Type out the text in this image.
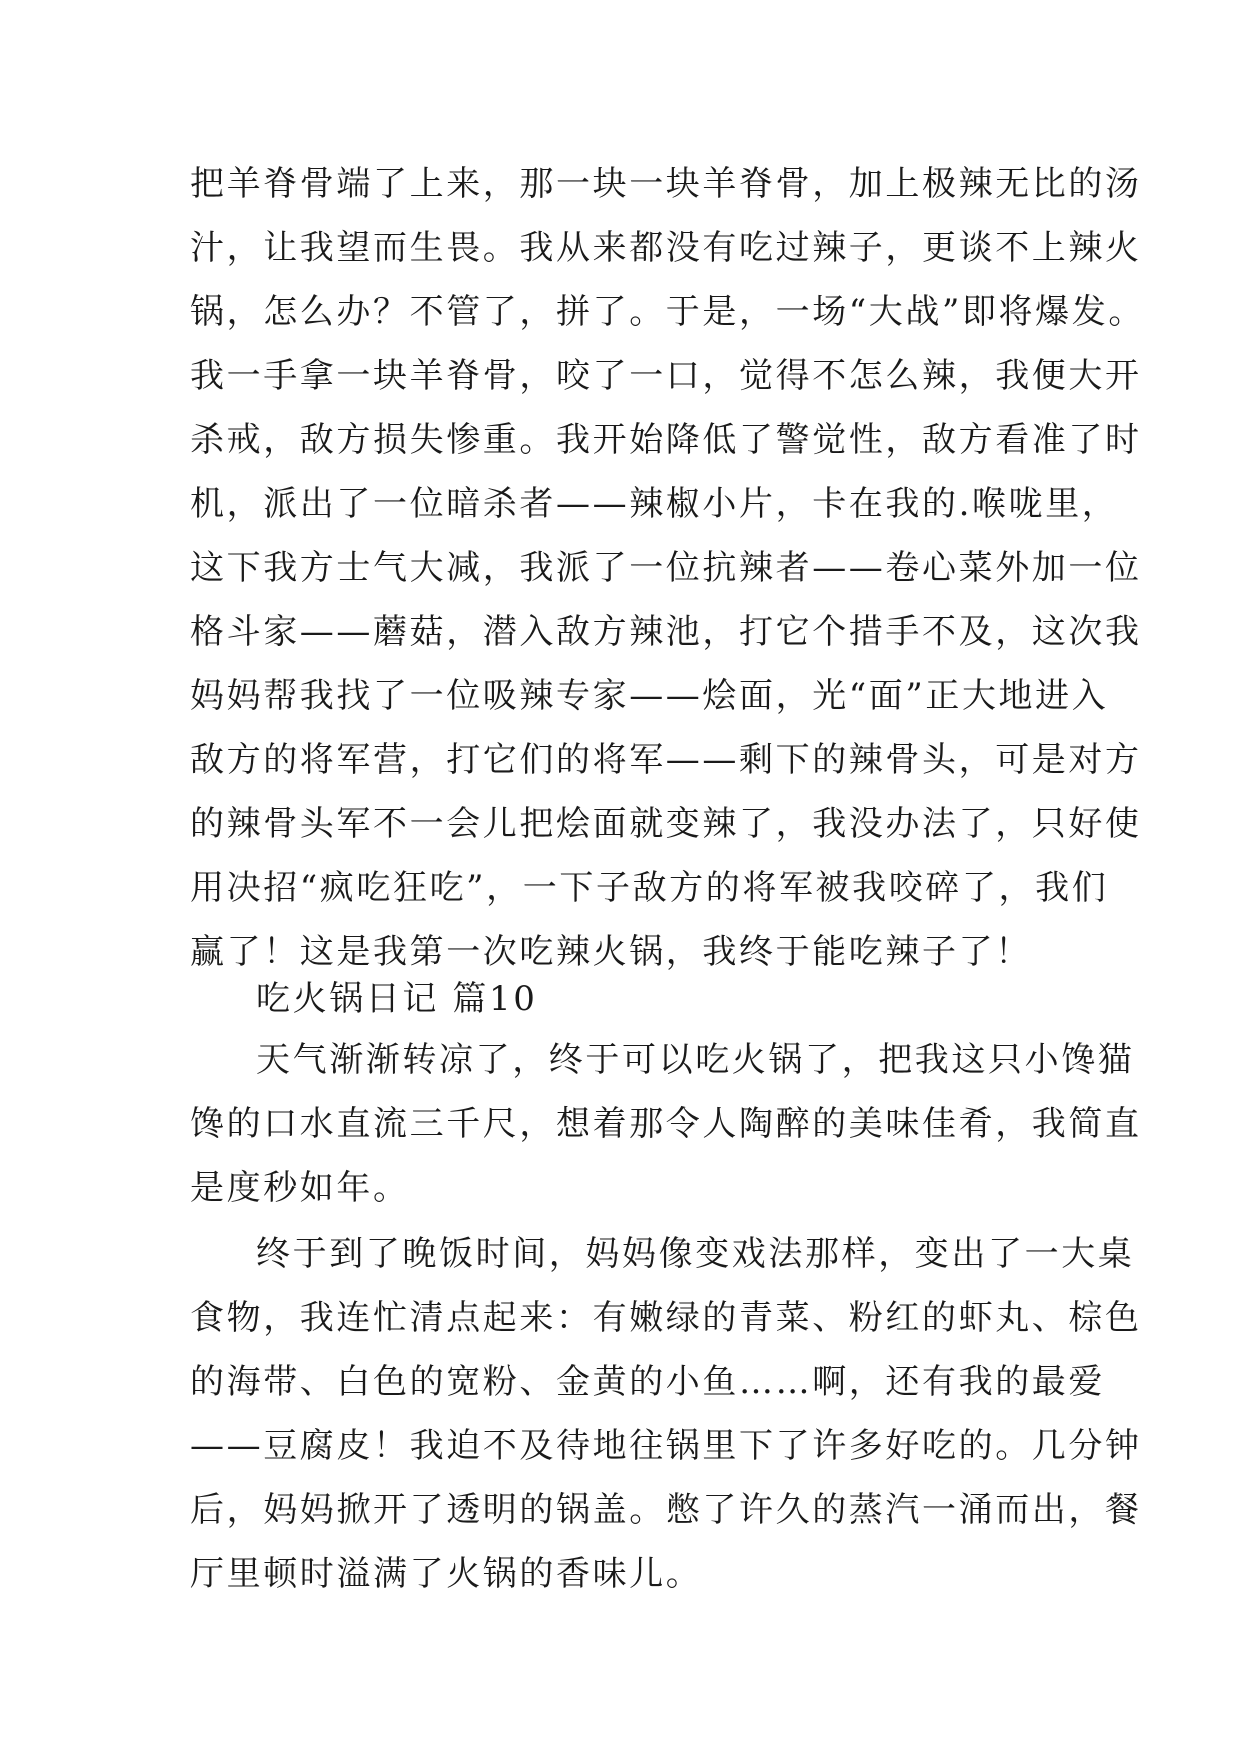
把羊脊骨端了上来，那一块一块羊脊骨，加上极辣无比的汤
汁，让我望而生畏。我从来都没有吃过辣子，更谈不上辣火
锅，怎么办？不管了，拼了。于是，一场“大战”即将爆发。
我一手拿一块羊脊骨，咬了一口，觉得不怎么辣，我便大开
杀戒，敌方损失惨重。我开始降低了警觉性，敌方看准了时
机，派出了一位暗杀者——辣椒小片，卡在我的.喉咙里，
这下我方士气大减，我派了一位抗辣者——卷心菜外加一位
格斗家——蘑菇，潜入敌方辣池，打它个措手不及，这次我
妈妈帮我找了一位吸辣专家——烩面，光“面”正大地进入
敌方的将军营，打它们的将军——剩下的辣骨头，可是对方
的辣骨头军不一会儿把烩面就变辣了，我没办法了，只好使
用决招“疯吃狂吃”，一下子敌方的将军被我咬碎了，我们
赢了！这是我第一次吃辣火锅，我终于能吃辣子了！
吃火锅日记 篇10
天气渐渐转凉了，终于可以吃火锅了，把我这只小馋猫
馋的口水直流三千尺，想着那令人陶醉的美味佳肴，我简直
是度秒如年。
终于到了晚饭时间，妈妈像变戏法那样，变出了一大桌
食物，我连忙清点起来：有嫩绿的青菜、粉红的虾丸、棕色
的海带、白色的宽粉、金黄的小鱼……啊，还有我的最爱
——豆腐皮！我迫不及待地往锅里下了许多好吃的。几分钟
后，妈妈掀开了透明的锅盖。憋了许久的蒸汽一涌而出，餐
厅里顿时溢满了火锅的香味儿。
